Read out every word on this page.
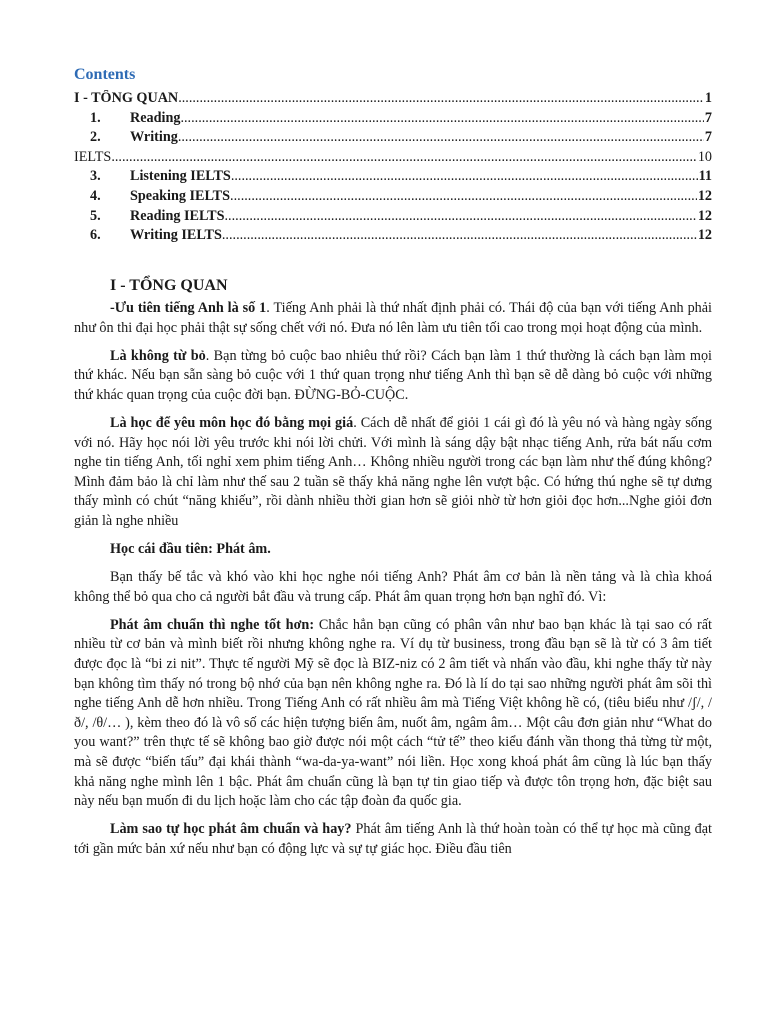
Contents
I - TỔNG QUAN .....	1
1.	Reading .....	7
2.	Writing .....	7
IELTS .....	10
3.	Listening IELTS .....	11
4.	Speaking IELTS .....	12
5.	Reading IELTS .....	12
6.	Writing IELTS .....	12
I - TỔNG QUAN

-Ưu tiên tiếng Anh là số 1. Tiếng Anh phải là thứ nhất định phải có. Thái độ của bạn với tiếng Anh phải như ôn thi đại học phải thật sự sống chết với nó. Đưa nó lên làm ưu tiên tối cao trong mọi hoạt động của mình.

Là không từ bỏ. Bạn từng bỏ cuộc bao nhiêu thứ rồi? Cách bạn làm 1 thứ thường là cách bạn làm mọi thứ khác. Nếu bạn sẵn sàng bỏ cuộc với 1 thứ quan trọng như tiếng Anh thì bạn sẽ dễ dàng bỏ cuộc với những thứ khác quan trọng của cuộc đời bạn. ĐỪNG-BỎ-CUỘC.

Là học để yêu môn học đó bằng mọi giá. Cách dễ nhất để giỏi 1 cái gì đó là yêu nó và hàng ngày sống với nó. Hãy học nói lời yêu trước khi nói lời chửi. Với mình là sáng dậy bật nhạc tiếng Anh, rửa bát nấu cơm nghe tin tiếng Anh, tối nghỉ xem phim tiếng Anh… Không nhiều người trong các bạn làm như thế đúng không? Mình đảm bảo là chỉ làm như thế sau 2 tuần sẽ thấy khả năng nghe lên vượt bậc. Có hứng thú nghe sẽ tự dưng thấy mình có chút “năng khiếu”, rồi dành nhiều thời gian hơn sẽ giỏi nhờ từ hơn giỏi đọc hơn...Nghe giỏi đơn giản là nghe nhiều

Học cái đầu tiên: Phát âm.

Bạn thấy bế tắc và khó vào khi học nghe nói tiếng Anh? Phát âm cơ bản là nền tảng và là chìa khoá không thể bỏ qua cho cả người bắt đầu và trung cấp. Phát âm quan trọng hơn bạn nghĩ đó. Vì:

Phát âm chuẩn thì nghe tốt hơn: Chắc hẳn bạn cũng có phân vân như bao bạn khác là tại sao có rất nhiều từ cơ bản và mình biết rồi nhưng không nghe ra. Ví dụ từ business, trong đầu bạn sẽ là từ có 3 âm tiết được đọc là “bi zi nit”. Thực tế người Mỹ sẽ đọc là BIZ-niz có 2 âm tiết và nhấn vào đầu, khi nghe thấy từ này bạn không tìm thấy nó trong bộ nhớ của bạn nên không nghe ra. Đó là lí do tại sao những người phát âm sõi thì nghe tiếng Anh dễ hơn nhiều. Trong Tiếng Anh có rất nhiều âm mà Tiếng Việt không hề có, (tiêu biểu như /ʃ/, /ð/, /θ/… ), kèm theo đó là vô số các hiện tượng biến âm, nuốt âm, ngâm âm… Một câu đơn giản như “What do you want?” trên thực tế sẽ không bao giờ được nói một cách “tử tế” theo kiểu đánh vần thong thả từng từ một, mà sẽ được “biến tấu” đại khái thành “wa-da-ya-want” nói liền. Học xong khoá phát âm cũng là lúc bạn thấy khả năng nghe mình lên 1 bậc. Phát âm chuẩn cũng là bạn tự tin giao tiếp và được tôn trọng hơn, đặc biệt sau này nếu bạn muốn đi du lịch hoặc làm cho các tập đoàn đa quốc gia.

Làm sao tự học phát âm chuẩn và hay? Phát âm tiếng Anh là thứ hoàn toàn có thể tự học mà cũng đạt tới gần mức bản xứ nếu như bạn có động lực và sự tự giác học. Điều đầu tiên
